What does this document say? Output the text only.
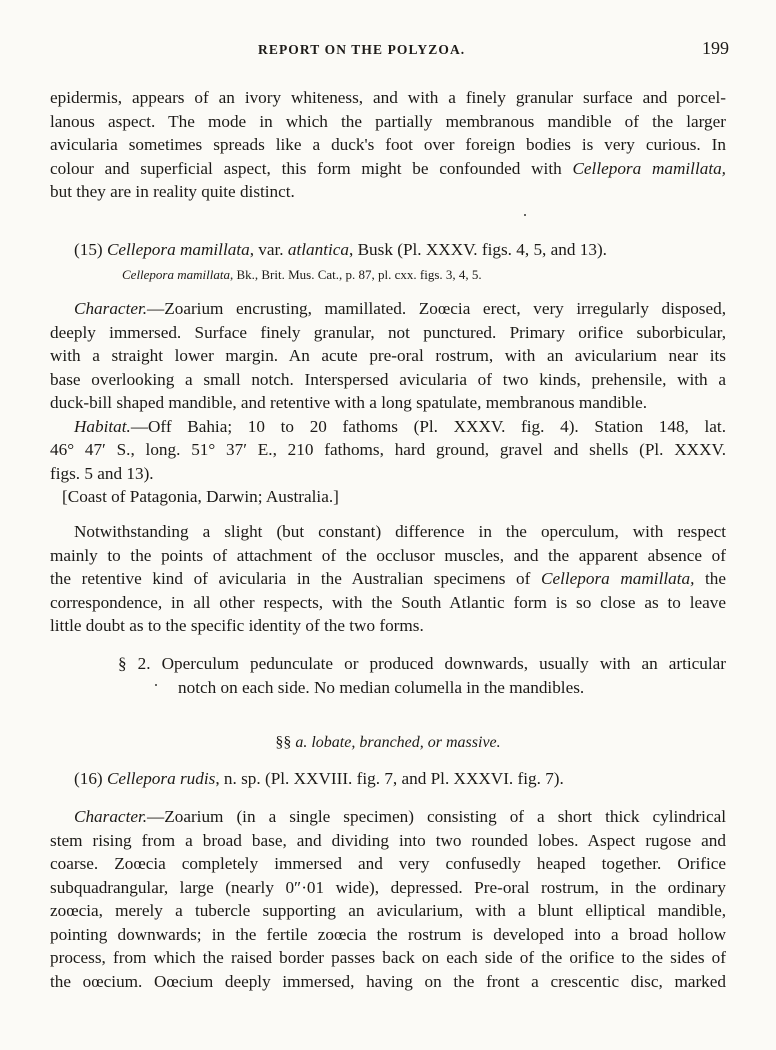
REPORT ON THE POLYZOA.	199

epidermis, appears of an ivory whiteness, and with a finely granular surface and porcel-

lanous aspect. The mode in which the partially membranous mandible of the larger

avicularia sometimes spreads like a duck's foot over foreign bodies is very curious. In

colour and superficial aspect, this form might be confounded with Cellepora mamillata,

but they are in reality quite distinct.

(15) Cellepora mamillata, var. atlantica, Busk (Pl. XXXV. figs. 4, 5, and 13).

Cellepora mamillata, Bk., Brit. Mus. Cat., p. 87, pl. cxx. figs. 3, 4, 5.

Character.—Zoarium encrusting, mamillated. Zoœcia erect, very irregularly disposed,

deeply immersed. Surface finely granular, not punctured. Primary orifice suborbicular,

with a straight lower margin. An acute pre-oral rostrum, with an avicularium near its

base overlooking a small notch. Interspersed avicularia of two kinds, prehensile, with a

duck-bill shaped mandible, and retentive with a long spatulate, membranous mandible.

Habitat.—Off Bahia; 10 to 20 fathoms (Pl. XXXV. fig. 4). Station 148, lat.

46° 47′ S., long. 51° 37′ E., 210 fathoms, hard ground, gravel and shells (Pl. XXXV.

figs. 5 and 13).

[Coast of Patagonia, Darwin; Australia.]

Notwithstanding a slight (but constant) difference in the operculum, with respect

mainly to the points of attachment of the occlusor muscles, and the apparent absence of

the retentive kind of avicularia in the Australian specimens of Cellepora mamillata, the

correspondence, in all other respects, with the South Atlantic form is so close as to leave

little doubt as to the specific identity of the two forms.

§ 2. Operculum pedunculate or produced downwards, usually with an articular
notch on each side. No median columella in the mandibles.
§§ a. lobate, branched, or massive.

(16) Cellepora rudis, n. sp. (Pl. XXVIII. fig. 7, and Pl. XXXVI. fig. 7).

Character.—Zoarium (in a single specimen) consisting of a short thick cylindrical

stem rising from a broad base, and dividing into two rounded lobes. Aspect rugose and

coarse. Zoœcia completely immersed and very confusedly heaped together. Orifice

subquadrangular, large (nearly 0″·01 wide), depressed. Pre-oral rostrum, in the ordinary

zoœcia, merely a tubercle supporting an avicularium, with a blunt elliptical mandible,

pointing downwards; in the fertile zoœcia the rostrum is developed into a broad hollow

process, from which the raised border passes back on each side of the orifice to the sides of

the oœcium. Oœcium deeply immersed, having on the front a crescentic disc, marked
